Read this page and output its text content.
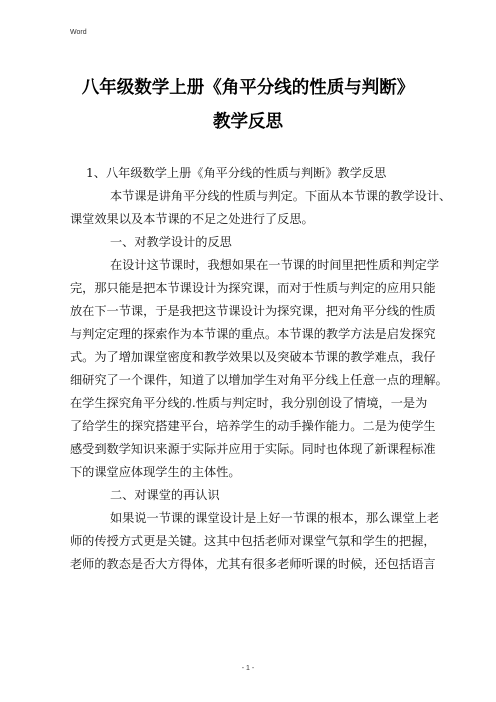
Word
八年级数学上册《角平分线的性质与判断》
教学反思
1、八年级数学上册《角平分线的性质与判断》教学反思
本节课是讲角平分线的性质与判定。下面从本节课的教学设计、
课堂效果以及本节课的不足之处进行了反思。
一、对教学设计的反思
在设计这节课时，我想如果在一节课的时间里把性质和判定学
完，那只能是把本节课设计为探究课，而对于性质与判定的应用只能
放在下一节课，于是我把这节课设计为探究课，把对角平分线的性质
与判定定理的探索作为本节课的重点。本节课的教学方法是启发探究
式。为了增加课堂密度和教学效果以及突破本节课的教学难点，我仔
细研究了一个课件，知道了以增加学生对角平分线上任意一点的理解。
在学生探究角平分线的.性质与判定时，我分别创设了情境，一是为
了给学生的探究搭建平台，培养学生的动手操作能力。二是为使学生
感受到数学知识来源于实际并应用于实际。同时也体现了新课程标准
下的课堂应体现学生的主体性。
二、对课堂的再认识
如果说一节课的课堂设计是上好一节课的根本，那么课堂上老
师的传授方式更是关键。这其中包括老师对课堂气氛和学生的把握，
老师的教态是否大方得体，尤其有很多老师听课的时候，还包括语言
- 1 -
